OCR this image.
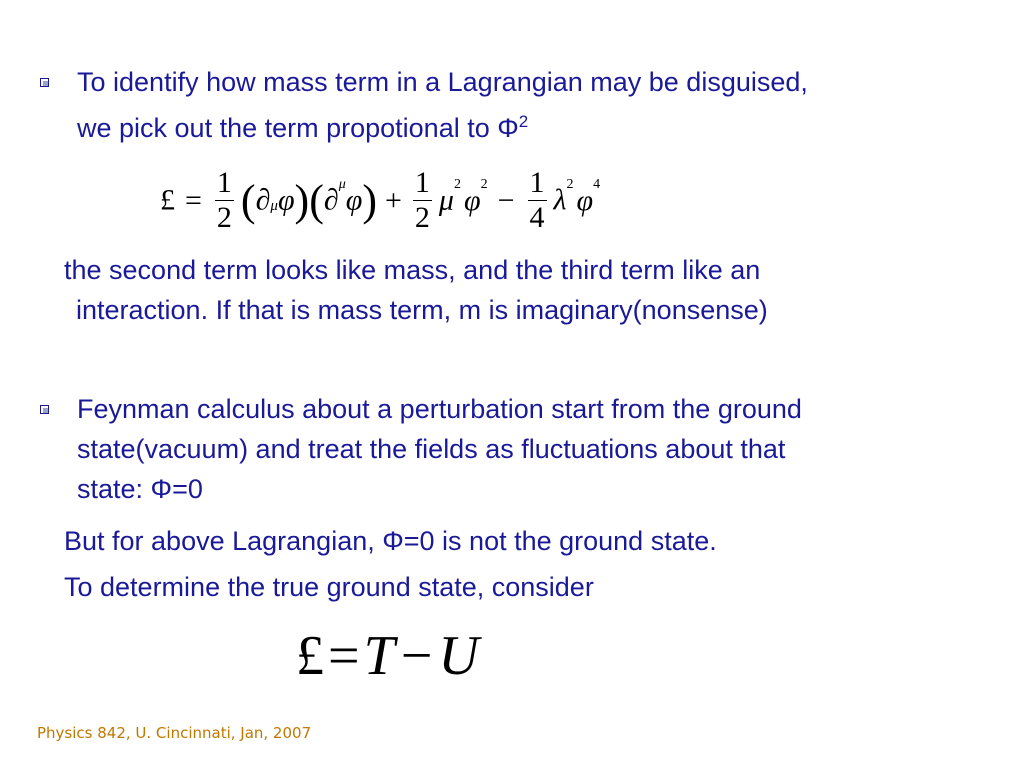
To identify how mass term in a Lagrangian may be disguised,
we pick out the term propotional to $\Phi^2$
£ = $\frac{1}{2} (\partial\mu\varphi)(\partial\mu\varphi) + \frac{1}{2} \mu 2$ $\varphi 2 - \frac{1}{4} \lambda 2$ φ4
the second term looks like mass, and the third term like an
interaction. If that is mass term, m is imaginary(nonsense)
Feynman calculus about a perturbation start from the ground
state(vacuum) and treat the fields as fluctuations about that
state: Φ=0
But for above Lagrangian, Φ=0 is not the ground state.
To determine the true ground state, consider
£=T − U
Physics 842, U. Cincinnati, Jan, 2007
